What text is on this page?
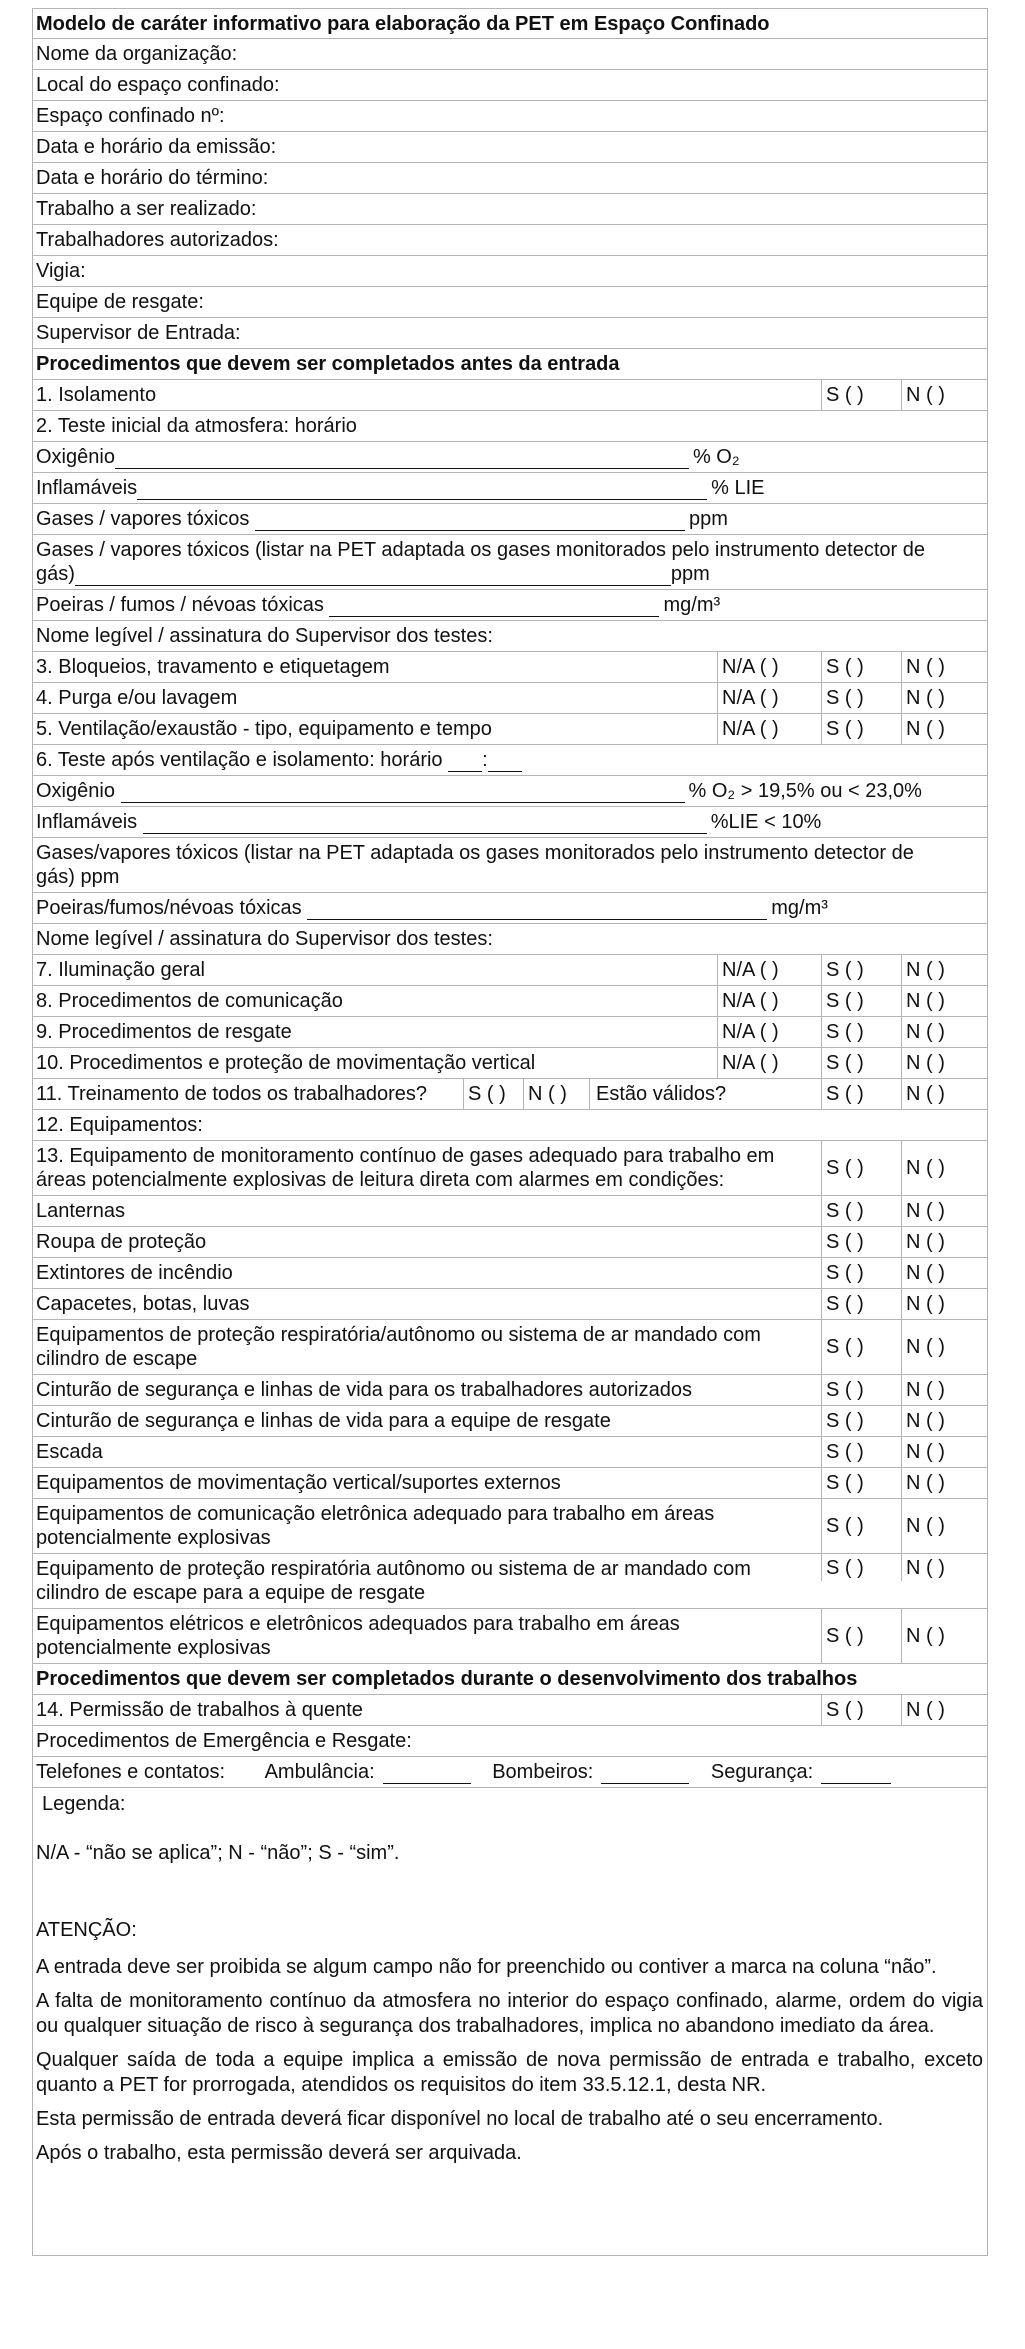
Modelo de caráter informativo para elaboração da PET em Espaço Confinado
Nome da organização:
Local do espaço confinado:
Espaço confinado nº:
Data e horário da emissão:
Data e horário do término:
Trabalho a ser realizado:
Trabalhadores autorizados:
Vigia:
Equipe de resgate:
Supervisor de Entrada:
Procedimentos que devem ser completados antes da entrada
1. Isolamento	S ( )	N ( )
2. Teste inicial da atmosfera: horário
Oxigênio	% O₂
Inflamáveis	% LIE
Gases / vapores tóxicos	ppm
Gases / vapores tóxicos (listar na PET adaptada os gases monitorados pelo instrumento detector de
gás)	ppm
Poeiras / fumos / névoas tóxicas	mg/m³
Nome legível / assinatura do Supervisor dos testes:
3. Bloqueios, travamento e etiquetagem	N/A ( )	S ( )	N ( )
4. Purga e/ou lavagem	N/A ( )	S ( )	N ( )
5. Ventilação/exaustão - tipo, equipamento e tempo	N/A ( )	S ( )	N ( )
6. Teste após ventilação e isolamento: horário :
Oxigênio	% O₂ > 19,5% ou < 23,0%
Inflamáveis	%LIE < 10%
Gases/vapores tóxicos (listar na PET adaptada os gases monitorados pelo instrumento detector de
gás) ppm
Poeiras/fumos/névoas tóxicas	mg/m³
Nome legível / assinatura do Supervisor dos testes:
7. Iluminação geral	N/A ( )	S ( )	N ( )
8. Procedimentos de comunicação	N/A ( )	S ( )	N ( )
9. Procedimentos de resgate	N/A ( )	S ( )	N ( )
10. Procedimentos e proteção de movimentação vertical	N/A ( )	S ( )	N ( )
11. Treinamento de todos os trabalhadores? S ( )	N ( )	Estão válidos?	S ( )	N ( )
12. Equipamentos:
13. Equipamento de monitoramento contínuo de gases adequado para trabalho em
áreas potencialmente explosivas de leitura direta com alarmes em condições:
S ( )	N ( )
Lanternas	S ( )	N ( )
Roupa de proteção	S ( )	N ( )
Extintores de incêndio	S ( )	N ( )
Capacetes, botas, luvas	S ( )	N ( )
Equipamentos de proteção respiratória/autônomo ou sistema de ar mandado com
cilindro de escape
S ( )	N ( )
Cinturão de segurança e linhas de vida para os trabalhadores autorizados	S ( )	N ( )
Cinturão de segurança e linhas de vida para a equipe de resgate	S ( )	N ( )
Escada	S ( )	N ( )
Equipamentos de movimentação vertical/suportes externos	S ( )	N ( )
Equipamentos de comunicação eletrônica adequado para trabalho em áreas
potencialmente explosivas
S ( )	N ( )
Equipamento de proteção respiratória autônomo ou sistema de ar mandado com
cilindro de escape para a equipe de resgate
S ( )	N ( )
Equipamentos elétricos e eletrônicos adequados para trabalho em áreas
potencialmente explosivas
S ( )	N ( )
Procedimentos que devem ser completados durante o desenvolvimento dos trabalhos
14. Permissão de trabalhos à quente	S ( )	N ( )
Procedimentos de Emergência e Resgate:
Telefones e contatos: Ambulância:	Bombeiros:	Segurança:

Legenda:

N/A - “não se aplica”; N - “não”; S - “sim”.

ATENÇÃO:

A entrada deve ser proibida se algum campo não for preenchido ou contiver a marca na coluna “não”.

A falta de monitoramento contínuo da atmosfera no interior do espaço confinado, alarme, ordem do vigia ou qualquer situação de risco à segurança dos trabalhadores, implica no abandono imediato da área.

Qualquer saída de toda a equipe implica a emissão de nova permissão de entrada e trabalho, exceto quanto a PET for prorrogada, atendidos os requisitos do item 33.5.12.1, desta NR.

Esta permissão de entrada deverá ficar disponível no local de trabalho até o seu encerramento.

Após o trabalho, esta permissão deverá ser arquivada.
